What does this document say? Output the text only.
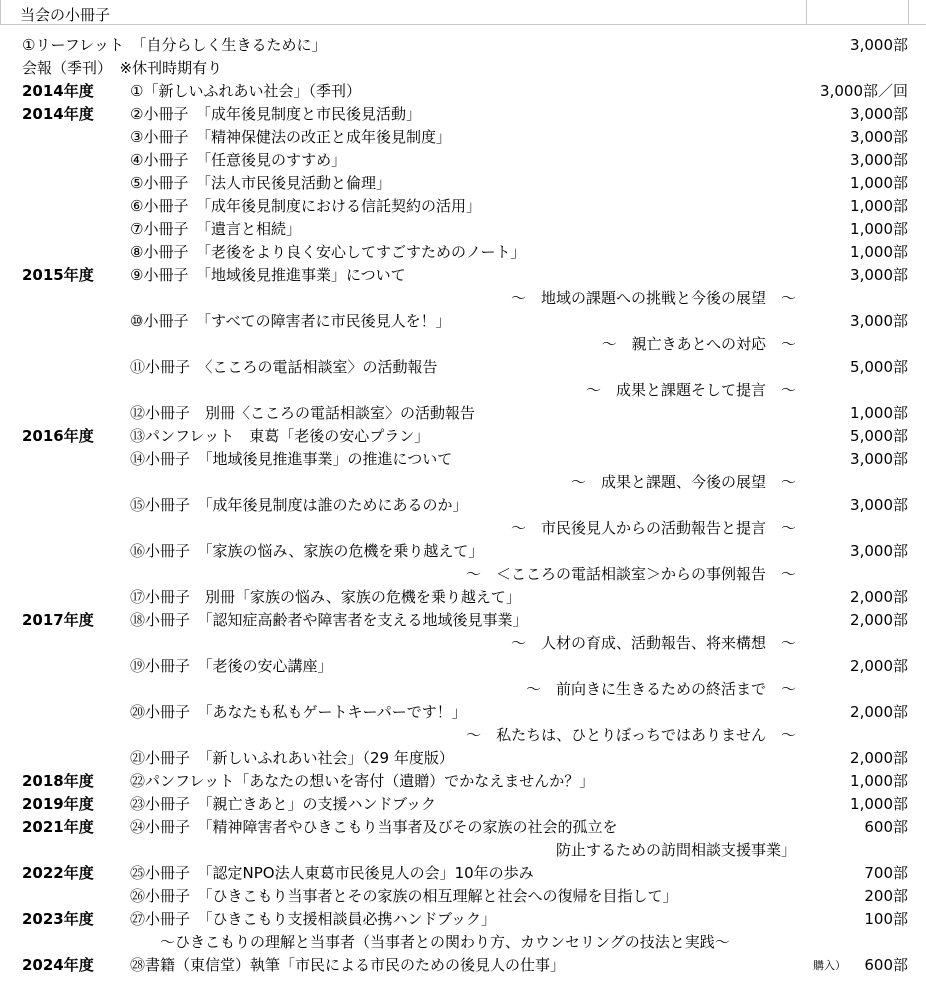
当会の小冊子
①リーフレット　「自分らしく生きるために」	3,000部
会報（季刊）　※休刊時期有り
2014年度 ①「新しいふれあい社会」（季刊）	3,000部／回
2014年度 ②小冊子　「成年後見制度と市民後見活動」	3,000部
③小冊子　「精神保健法の改正と成年後見制度」	3,000部
④小冊子　「任意後見のすすめ」	3,000部
⑤小冊子　「法人市民後見活動と倫理」	1,000部
⑥小冊子　「成年後見制度における信託契約の活用」	1,000部
⑦小冊子　「遺言と相続」	1,000部
⑧小冊子　「老後をより良く安心してすごすためのノート」	1,000部
2015年度 ⑨小冊子　「地域後見推進事業」について	3,000部
～　地域の課題への挑戦と今後の展望　～
⑩小冊子　「すべての障害者に市民後見人を！」	3,000部
～　親亡きあとへの対応　～
⑪小冊子　〈こころの電話相談室〉の活動報告	5,000部
～　成果と課題そして提言　～
⑫小冊子　別冊〈こころの電話相談室〉の活動報告	1,000部
2016年度 ⑬パンフレット　東葛「老後の安心プラン」	5,000部
⑭小冊子　「地域後見推進事業」の推進について	3,000部
～　成果と課題、今後の展望　～
⑮小冊子　「成年後見制度は誰のためにあるのか」	3,000部
～　市民後見人からの活動報告と提言　～
⑯小冊子　「家族の悩み、家族の危機を乗り越えて」	3,000部
～　＜こころの電話相談室＞からの事例報告　～
⑰小冊子　別冊「家族の悩み、家族の危機を乗り越えて」	2,000部
2017年度 ⑱小冊子　「認知症高齢者や障害者を支える地域後見事業」	2,000部
～　人材の育成、活動報告、将来構想　～
⑲小冊子　「老後の安心講座」	2,000部
～　前向きに生きるための終活まで　～
⑳小冊子　「あなたも私もゲートキーパーです！」	2,000部
～　私たちは、ひとりぼっちではありません　～
㉑小冊子　「新しいふれあい社会」（29 年度版）	2,000部
2018年度 ㉒パンフレット「あなたの想いを寄付（遺贈）でかなえませんか？」	1,000部
2019年度 ㉓小冊子　「親亡きあと」の支援ハンドブック	1,000部
2021年度 ㉔小冊子　「精神障害者やひきこもり当事者及びその家族の社会的孤立を	600部
防止するための訪問相談支援事業」
2022年度 ㉕小冊子　「認定NPO法人東葛市民後見人の会」10年の歩み	700部
㉖小冊子　「ひきこもり当事者とその家族の相互理解と社会への復帰を目指して」	200部
2023年度 ㉗小冊子　「ひきこもり支援相談員必携ハンドブック」	100部
～ひきこもりの理解と当事者（当事者との関わり方、カウンセリングの技法と実践～
2024年度 ㉘書籍（東信堂）執筆「市民による市民のための後見人の仕事」	購入） 600部
